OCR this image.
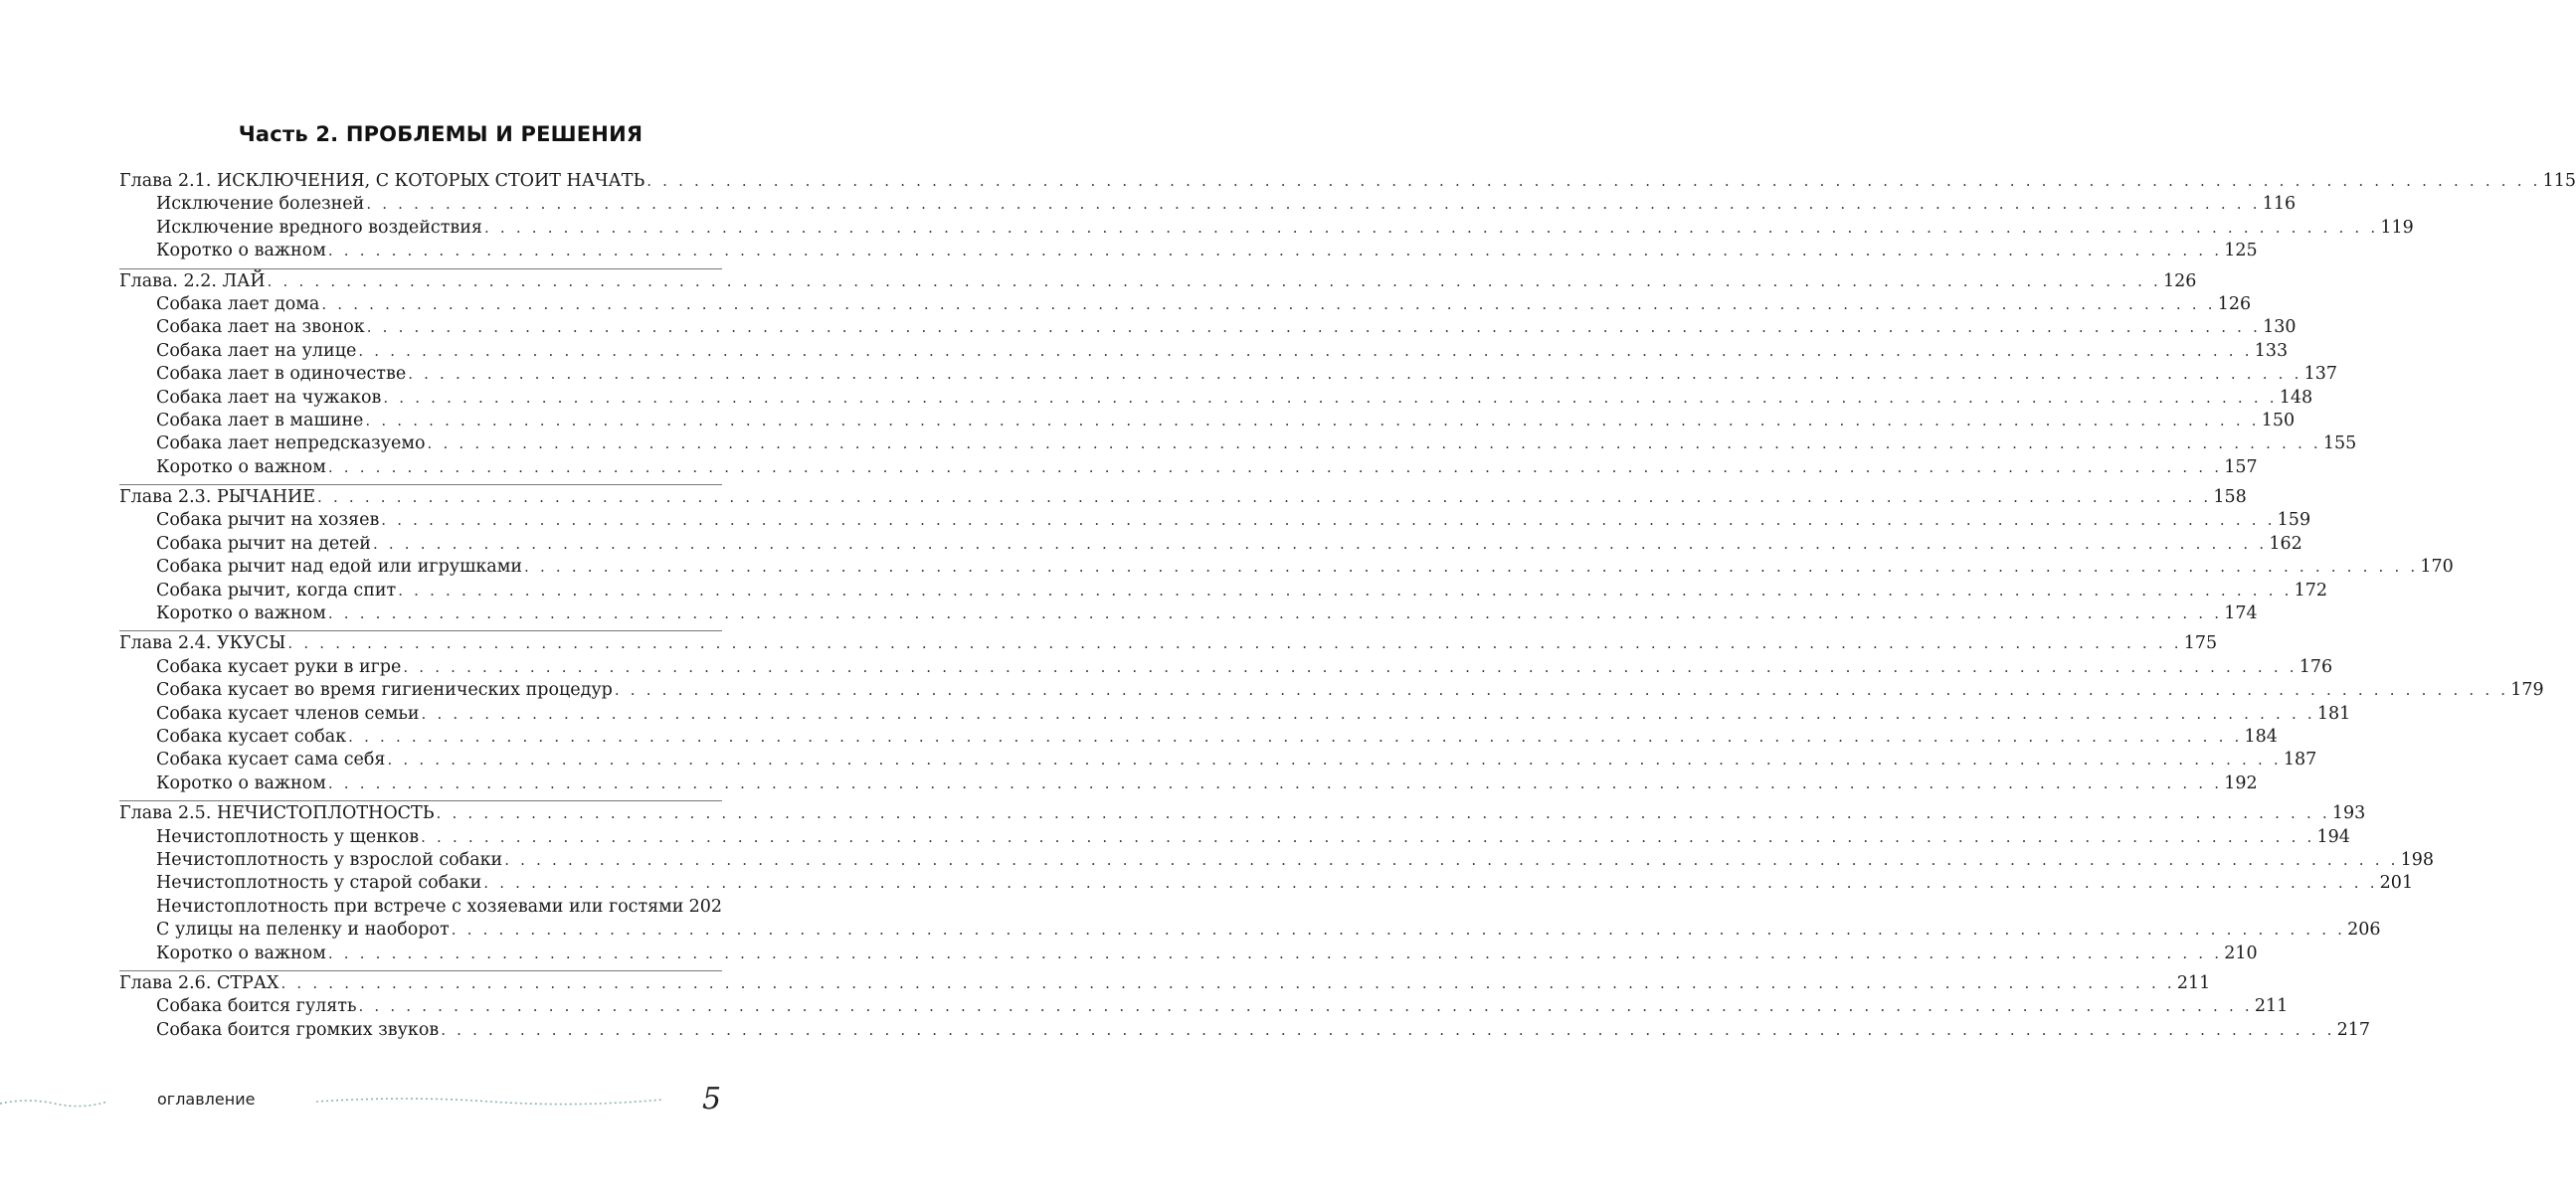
Часть 2. ПРОБЛЕМЫ И РЕШЕНИЯ
Глава 2.1. ИСКЛЮЧЕНИЯ, С КОТОРЫХ СТОИТ НАЧАТЬ . . . . . . . . . . . . . . . . . . . . . . . . . . . . . . . . . . . . . . . . . . . . . . . . . . . . . . . . . . . . . . . . . . . . . . . . . . . . . . . . . . . . . . . . . . . . . . . . . . . . . . . . . . . . . . . . . . . . . . . . 115
Исключение болезней . . . . . . . . . . . . . . . . . . . . . . . . . . . . . . . . . . . . . . . . . . . . . . . . . . . . . . . . . . . . . . . . . . . . . . . . . . . . . . . . . . . . . . . . . . . . . . . . . . . . . . . . . . . . . . . . . . . . . . . . 116
Исключение вредного воздействия . . . . . . . . . . . . . . . . . . . . . . . . . . . . . . . . . . . . . . . . . . . . . . . . . . . . . . . . . . . . . . . . . . . . . . . . . . . . . . . . . . . . . . . . . . . . . . . . . . . . . . . . . . . . . . . . . . . . . . . . 119
Коротко о важном . . . . . . . . . . . . . . . . . . . . . . . . . . . . . . . . . . . . . . . . . . . . . . . . . . . . . . . . . . . . . . . . . . . . . . . . . . . . . . . . . . . . . . . . . . . . . . . . . . . . . . . . . . . . . . . . . . . . . . . . 125
Глава. 2.2. ЛАЙ . . . . . . . . . . . . . . . . . . . . . . . . . . . . . . . . . . . . . . . . . . . . . . . . . . . . . . . . . . . . . . . . . . . . . . . . . . . . . . . . . . . . . . . . . . . . . . . . . . . . . . . . . . . . . . . . . . . . . . . . 126
Собака лает дома . . . . . . . . . . . . . . . . . . . . . . . . . . . . . . . . . . . . . . . . . . . . . . . . . . . . . . . . . . . . . . . . . . . . . . . . . . . . . . . . . . . . . . . . . . . . . . . . . . . . . . . . . . . . . . . . . . . . . . . . 126
Собака лает на звонок . . . . . . . . . . . . . . . . . . . . . . . . . . . . . . . . . . . . . . . . . . . . . . . . . . . . . . . . . . . . . . . . . . . . . . . . . . . . . . . . . . . . . . . . . . . . . . . . . . . . . . . . . . . . . . . . . . . . . . . . 130
Собака лает на улице . . . . . . . . . . . . . . . . . . . . . . . . . . . . . . . . . . . . . . . . . . . . . . . . . . . . . . . . . . . . . . . . . . . . . . . . . . . . . . . . . . . . . . . . . . . . . . . . . . . . . . . . . . . . . . . . . . . . . . . . 133
Собака лает в одиночестве . . . . . . . . . . . . . . . . . . . . . . . . . . . . . . . . . . . . . . . . . . . . . . . . . . . . . . . . . . . . . . . . . . . . . . . . . . . . . . . . . . . . . . . . . . . . . . . . . . . . . . . . . . . . . . . . . . . . . . . . 137
Собака лает на чужаков . . . . . . . . . . . . . . . . . . . . . . . . . . . . . . . . . . . . . . . . . . . . . . . . . . . . . . . . . . . . . . . . . . . . . . . . . . . . . . . . . . . . . . . . . . . . . . . . . . . . . . . . . . . . . . . . . . . . . . . . 148
Собака лает в машине . . . . . . . . . . . . . . . . . . . . . . . . . . . . . . . . . . . . . . . . . . . . . . . . . . . . . . . . . . . . . . . . . . . . . . . . . . . . . . . . . . . . . . . . . . . . . . . . . . . . . . . . . . . . . . . . . . . . . . . . 150
Собака лает непредсказуемо . . . . . . . . . . . . . . . . . . . . . . . . . . . . . . . . . . . . . . . . . . . . . . . . . . . . . . . . . . . . . . . . . . . . . . . . . . . . . . . . . . . . . . . . . . . . . . . . . . . . . . . . . . . . . . . . . . . . . . . . 155
Коротко о важном . . . . . . . . . . . . . . . . . . . . . . . . . . . . . . . . . . . . . . . . . . . . . . . . . . . . . . . . . . . . . . . . . . . . . . . . . . . . . . . . . . . . . . . . . . . . . . . . . . . . . . . . . . . . . . . . . . . . . . . . 157
Глава 2.3. РЫЧАНИЕ . . . . . . . . . . . . . . . . . . . . . . . . . . . . . . . . . . . . . . . . . . . . . . . . . . . . . . . . . . . . . . . . . . . . . . . . . . . . . . . . . . . . . . . . . . . . . . . . . . . . . . . . . . . . . . . . . . . . . . . . 158
Собака рычит на хозяев . . . . . . . . . . . . . . . . . . . . . . . . . . . . . . . . . . . . . . . . . . . . . . . . . . . . . . . . . . . . . . . . . . . . . . . . . . . . . . . . . . . . . . . . . . . . . . . . . . . . . . . . . . . . . . . . . . . . . . . . 159
Собака рычит на детей . . . . . . . . . . . . . . . . . . . . . . . . . . . . . . . . . . . . . . . . . . . . . . . . . . . . . . . . . . . . . . . . . . . . . . . . . . . . . . . . . . . . . . . . . . . . . . . . . . . . . . . . . . . . . . . . . . . . . . . . 162
Собака рычит над едой или игрушками . . . . . . . . . . . . . . . . . . . . . . . . . . . . . . . . . . . . . . . . . . . . . . . . . . . . . . . . . . . . . . . . . . . . . . . . . . . . . . . . . . . . . . . . . . . . . . . . . . . . . . . . . . . . . . . . . . . . . . . . 170
Собака рычит, когда спит . . . . . . . . . . . . . . . . . . . . . . . . . . . . . . . . . . . . . . . . . . . . . . . . . . . . . . . . . . . . . . . . . . . . . . . . . . . . . . . . . . . . . . . . . . . . . . . . . . . . . . . . . . . . . . . . . . . . . . . . 172
Коротко о важном . . . . . . . . . . . . . . . . . . . . . . . . . . . . . . . . . . . . . . . . . . . . . . . . . . . . . . . . . . . . . . . . . . . . . . . . . . . . . . . . . . . . . . . . . . . . . . . . . . . . . . . . . . . . . . . . . . . . . . . . 174
Глава 2.4. УКУСЫ . . . . . . . . . . . . . . . . . . . . . . . . . . . . . . . . . . . . . . . . . . . . . . . . . . . . . . . . . . . . . . . . . . . . . . . . . . . . . . . . . . . . . . . . . . . . . . . . . . . . . . . . . . . . . . . . . . . . . . . . 175
Собака кусает руки в игре . . . . . . . . . . . . . . . . . . . . . . . . . . . . . . . . . . . . . . . . . . . . . . . . . . . . . . . . . . . . . . . . . . . . . . . . . . . . . . . . . . . . . . . . . . . . . . . . . . . . . . . . . . . . . . . . . . . . . . . . 176
Собака кусает во время гигиенических процедур . . . . . . . . . . . . . . . . . . . . . . . . . . . . . . . . . . . . . . . . . . . . . . . . . . . . . . . . . . . . . . . . . . . . . . . . . . . . . . . . . . . . . . . . . . . . . . . . . . . . . . . . . . . . . . . . . . . . . . . . 179
Собака кусает членов семьи . . . . . . . . . . . . . . . . . . . . . . . . . . . . . . . . . . . . . . . . . . . . . . . . . . . . . . . . . . . . . . . . . . . . . . . . . . . . . . . . . . . . . . . . . . . . . . . . . . . . . . . . . . . . . . . . . . . . . . . . 181
Собака кусает собак . . . . . . . . . . . . . . . . . . . . . . . . . . . . . . . . . . . . . . . . . . . . . . . . . . . . . . . . . . . . . . . . . . . . . . . . . . . . . . . . . . . . . . . . . . . . . . . . . . . . . . . . . . . . . . . . . . . . . . . . 184
Собака кусает сама себя . . . . . . . . . . . . . . . . . . . . . . . . . . . . . . . . . . . . . . . . . . . . . . . . . . . . . . . . . . . . . . . . . . . . . . . . . . . . . . . . . . . . . . . . . . . . . . . . . . . . . . . . . . . . . . . . . . . . . . . . 187
Коротко о важном . . . . . . . . . . . . . . . . . . . . . . . . . . . . . . . . . . . . . . . . . . . . . . . . . . . . . . . . . . . . . . . . . . . . . . . . . . . . . . . . . . . . . . . . . . . . . . . . . . . . . . . . . . . . . . . . . . . . . . . . 192
Глава 2.5. НЕЧИСТОПЛОТНОСТЬ . . . . . . . . . . . . . . . . . . . . . . . . . . . . . . . . . . . . . . . . . . . . . . . . . . . . . . . . . . . . . . . . . . . . . . . . . . . . . . . . . . . . . . . . . . . . . . . . . . . . . . . . . . . . . . . . . . . . . . . . 193
Нечистоплотность у щенков . . . . . . . . . . . . . . . . . . . . . . . . . . . . . . . . . . . . . . . . . . . . . . . . . . . . . . . . . . . . . . . . . . . . . . . . . . . . . . . . . . . . . . . . . . . . . . . . . . . . . . . . . . . . . . . . . . . . . . . . 194
Нечистоплотность у взрослой собаки . . . . . . . . . . . . . . . . . . . . . . . . . . . . . . . . . . . . . . . . . . . . . . . . . . . . . . . . . . . . . . . . . . . . . . . . . . . . . . . . . . . . . . . . . . . . . . . . . . . . . . . . . . . . . . . . . . . . . . . . 198
Нечистоплотность у старой собаки . . . . . . . . . . . . . . . . . . . . . . . . . . . . . . . . . . . . . . . . . . . . . . . . . . . . . . . . . . . . . . . . . . . . . . . . . . . . . . . . . . . . . . . . . . . . . . . . . . . . . . . . . . . . . . . . . . . . . . . . 201
Нечистоплотность при встрече с хозяевами или гостями 202
С улицы на пеленку и наоборот . . . . . . . . . . . . . . . . . . . . . . . . . . . . . . . . . . . . . . . . . . . . . . . . . . . . . . . . . . . . . . . . . . . . . . . . . . . . . . . . . . . . . . . . . . . . . . . . . . . . . . . . . . . . . . . . . . . . . . . . 206
Коротко о важном . . . . . . . . . . . . . . . . . . . . . . . . . . . . . . . . . . . . . . . . . . . . . . . . . . . . . . . . . . . . . . . . . . . . . . . . . . . . . . . . . . . . . . . . . . . . . . . . . . . . . . . . . . . . . . . . . . . . . . . . 210
Глава 2.6. СТРАХ . . . . . . . . . . . . . . . . . . . . . . . . . . . . . . . . . . . . . . . . . . . . . . . . . . . . . . . . . . . . . . . . . . . . . . . . . . . . . . . . . . . . . . . . . . . . . . . . . . . . . . . . . . . . . . . . . . . . . . . . 211
Собака боится гулять . . . . . . . . . . . . . . . . . . . . . . . . . . . . . . . . . . . . . . . . . . . . . . . . . . . . . . . . . . . . . . . . . . . . . . . . . . . . . . . . . . . . . . . . . . . . . . . . . . . . . . . . . . . . . . . . . . . . . . . . 211
Собака боится громких звуков . . . . . . . . . . . . . . . . . . . . . . . . . . . . . . . . . . . . . . . . . . . . . . . . . . . . . . . . . . . . . . . . . . . . . . . . . . . . . . . . . . . . . . . . . . . . . . . . . . . . . . . . . . . . . . . . . . . . . . . . 217
оглавление	5
